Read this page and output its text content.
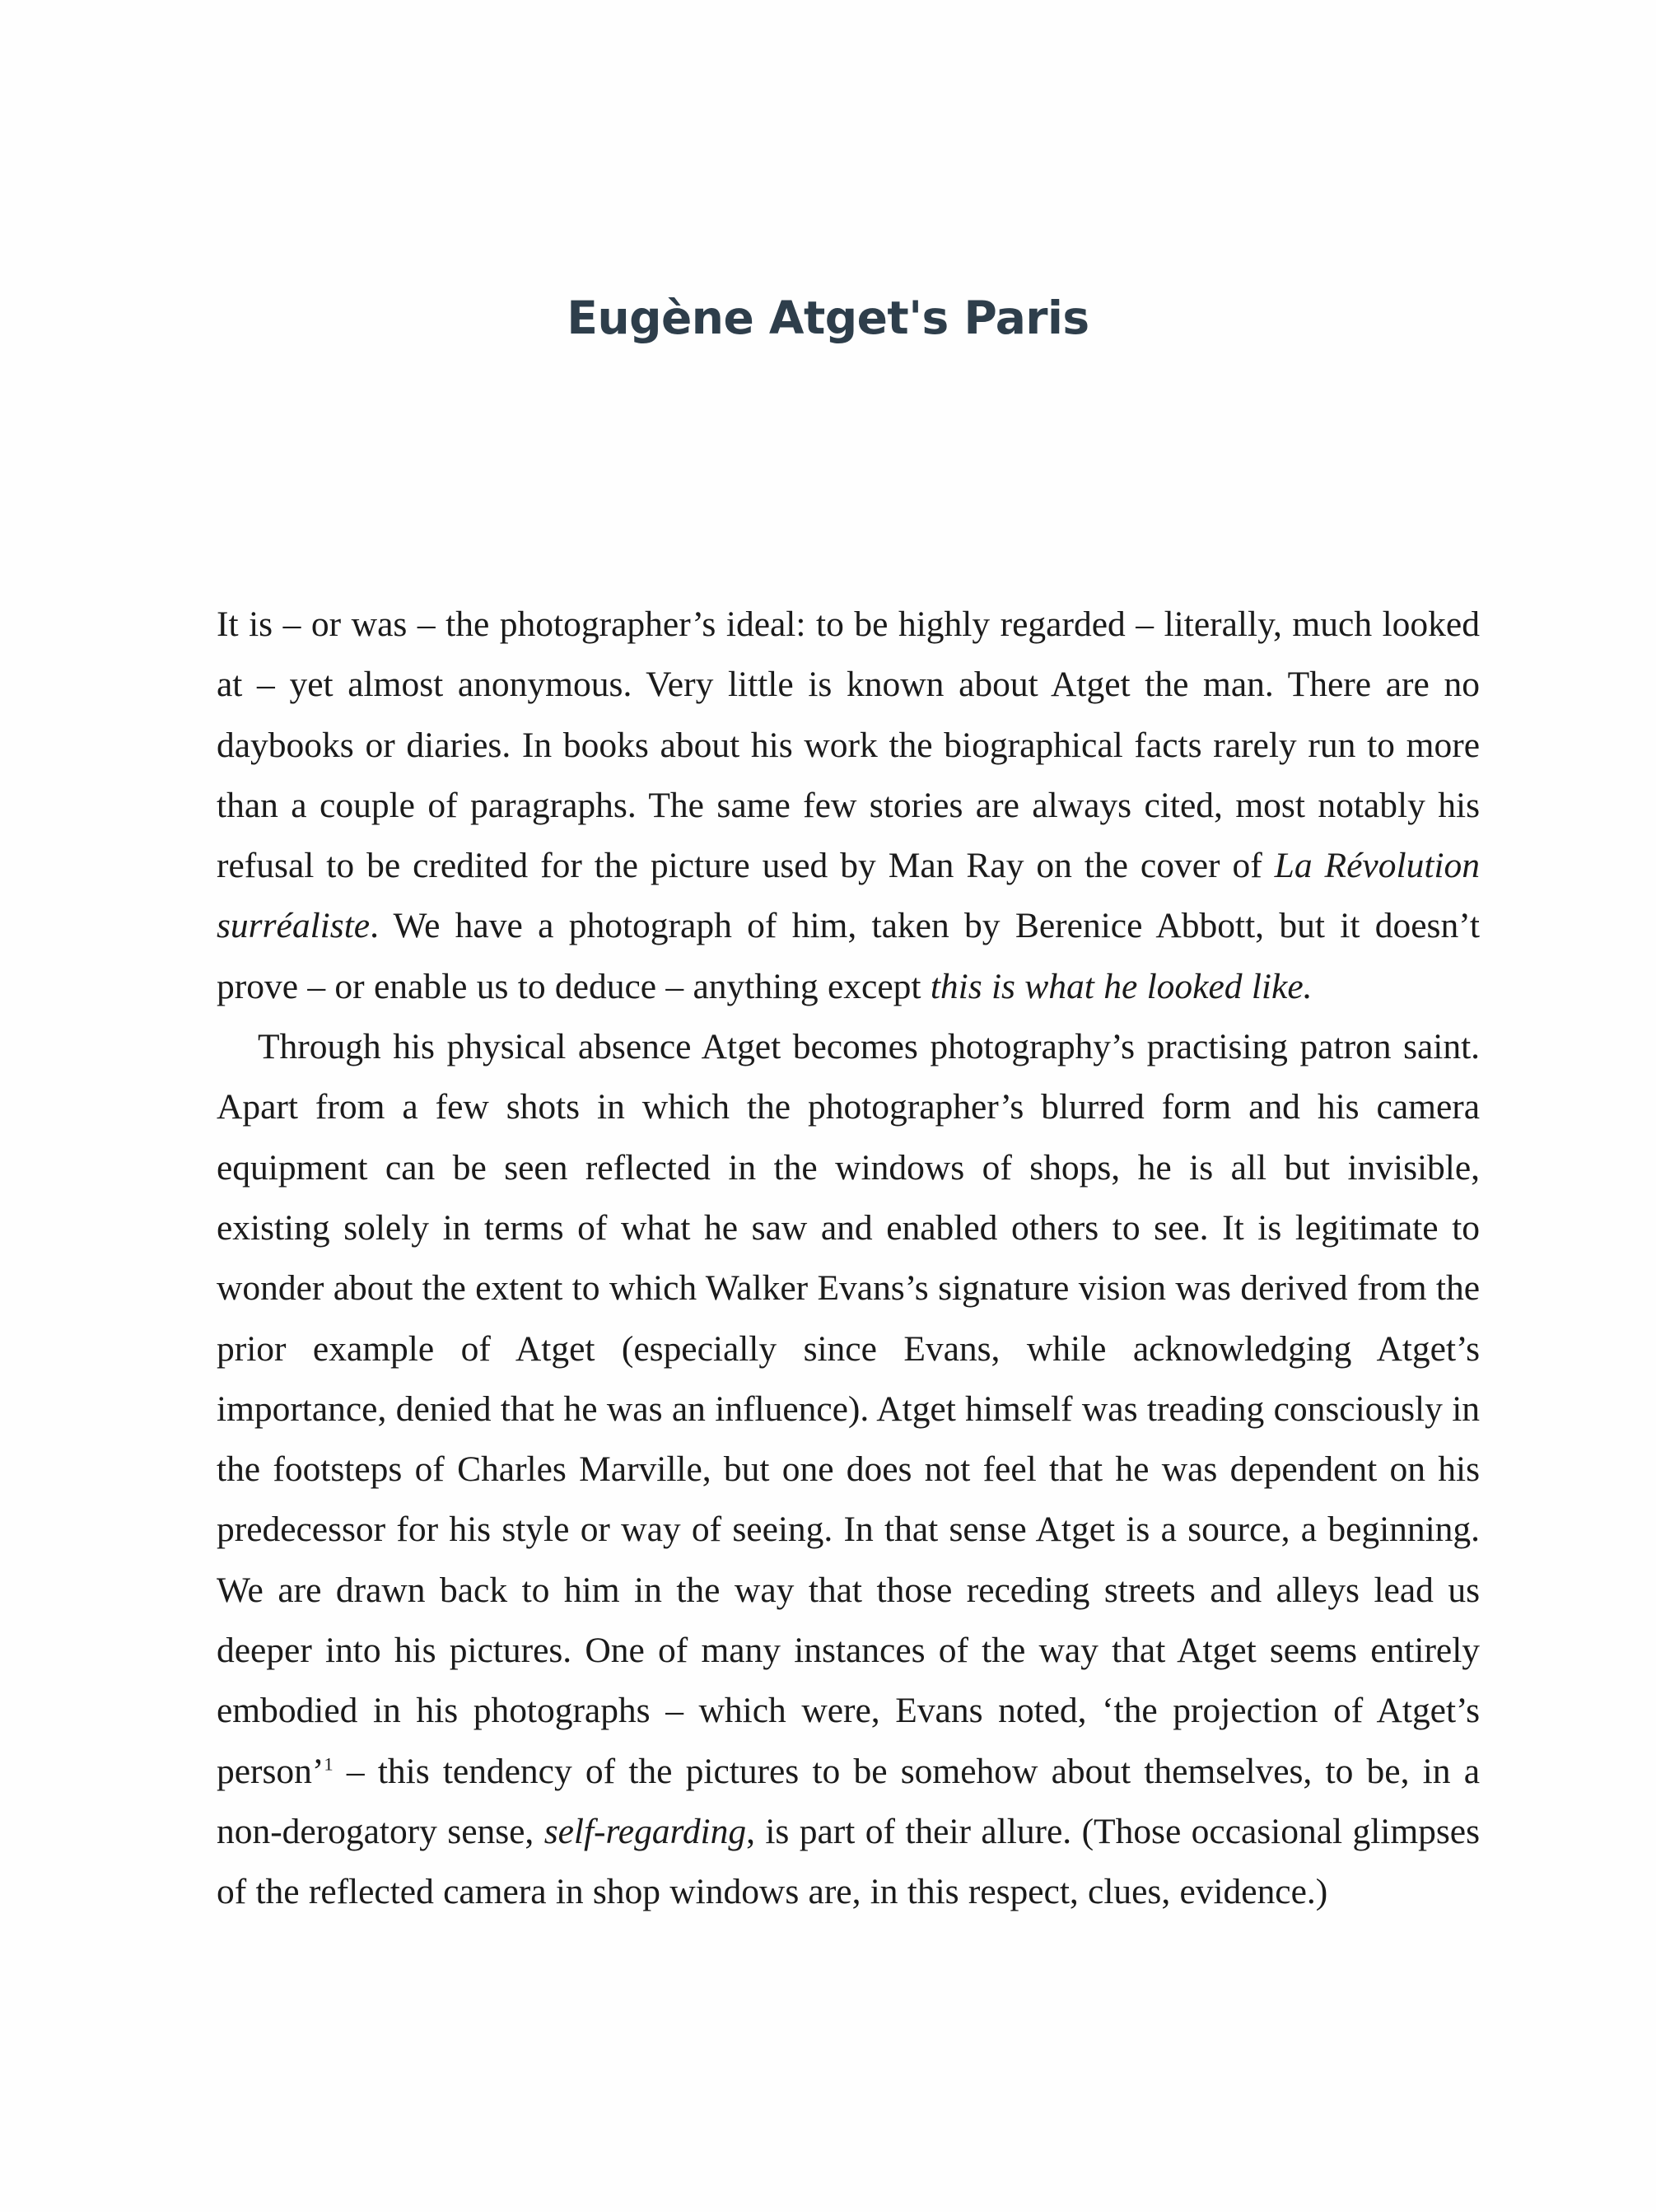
Eugène Atget's Paris

It is – or was – the photographer’s ideal: to be highly regarded – literally, much looked at – yet almost anonymous. Very little is known about Atget the man. There are no daybooks or diaries. In books about his work the biographical facts rarely run to more than a couple of paragraphs. The same few stories are always cited, most notably his refusal to be credited for the picture used by Man Ray on the cover of La Révolution surréaliste. We have a photograph of him, taken by Berenice Abbott, but it doesn’t prove – or enable us to deduce – anything except this is what he looked like.

Through his physical absence Atget becomes photography’s practising patron saint. Apart from a few shots in which the photographer’s blurred form and his camera equipment can be seen reflected in the windows of shops, he is all but invisible, existing solely in terms of what he saw and enabled others to see. It is legitimate to wonder about the extent to which Walker Evans’s signature vision was derived from the prior example of Atget (especially since Evans, while acknowledging Atget’s importance, denied that he was an influence). Atget himself was treading consciously in the footsteps of Charles Marville, but one does not feel that he was dependent on his predecessor for his style or way of seeing. In that sense Atget is a source, a beginning. We are drawn back to him in the way that those receding streets and alleys lead us deeper into his pictures. One of many instances of the way that Atget seems entirely embodied in his photographs – which were, Evans noted, ‘the projection of Atget’s person’$^1$ – this tendency of the pictures to be somehow about themselves, to be, in a non-derogatory sense, self-regarding, is part of their allure. (Those occasional glimpses of the reflected camera in shop windows are, in this respect, clues, evidence.)
